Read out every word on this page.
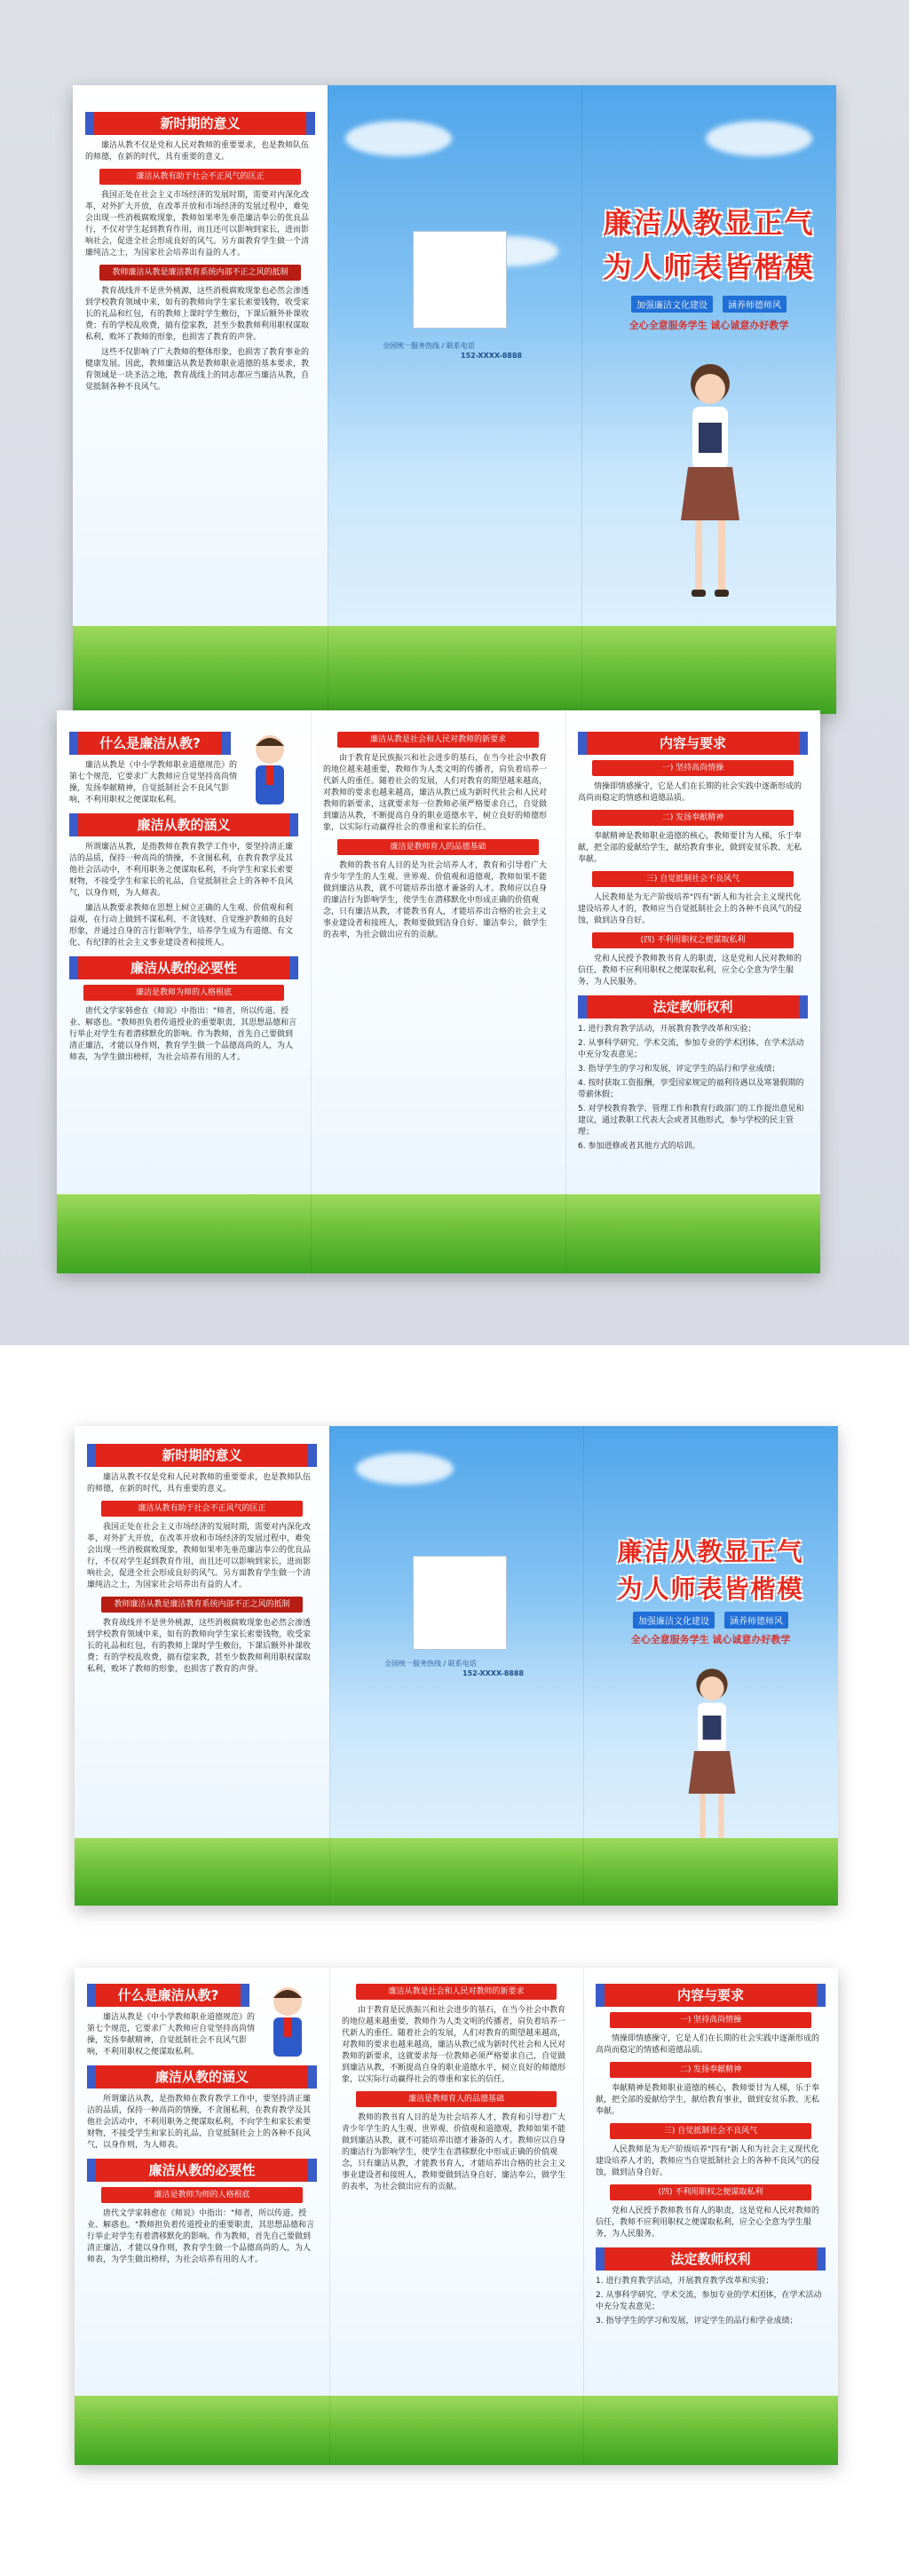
新时期的意义

廉洁从教不仅是党和人民对教师的重要要求，也是教师队伍的师德，在新的时代，具有重要的意义。

廉洁从教有助于社会不正风气的匡正

我国正处在社会主义市场经济的发展时期，需要对内深化改革，对外扩大开放，在改革开放和市场经济的发展过程中，难免会出现一些消极腐败现象，教师如果率先垂范廉洁奉公的优良品行，不仅对学生起到教育作用，而且还可以影响到家长，进而影响社会，促进全社会形成良好的风气。另方面教育学生做一个清廉纯洁之士，为国家社会培养出有益的人才。

教师廉洁从教是廉洁教育系统内部不正之风的抵制

教育战线并不是世外桃源，这些消极腐败现象也必然会渗透到学校教育领域中来，如有的教师向学生家长索要钱物，收受家长的礼品和红包，有的教师上课时学生敷衍，下课后额外补课收费；有的学校乱收费，搞有偿家教，甚至少数教师利用职权谋取私利，败坏了教师的形象，也损害了教育的声誉。

这些不仅影响了广大教师的整体形象，也损害了教育事业的健康发展。因此，教师廉洁从教是教师职业道德的基本要求，教育领域是一块圣洁之地，教育战线上的同志都应当廉洁从教，自觉抵制各种不良风气。

全国统一服务热线 / 联系电话
152-XXXX-8888
廉洁从教显正气
为人师表皆楷模
加强廉洁文化建设 涵养师德师风
全心全意服务学生 诚心诚意办好教学
什么是廉洁从教?

廉洁从教是《中小学教师职业道德规范》的第七个规范，它要求广大教师应自觉坚持高尚情操，发扬奉献精神，自觉抵制社会不良风气影响，不利用职权之便谋取私利。

廉洁从教的涵义

所谓廉洁从教，是指教师在教育教学工作中，要坚持清正廉洁的品质，保持一种高尚的情操，不贪图私利，在教育教学及其他社会活动中，不利用职务之便谋取私利，不向学生和家长索要财物，不接受学生和家长的礼品，自觉抵制社会上的各种不良风气，以身作则，为人师表。

廉洁从教要求教师在思想上树立正确的人生观、价值观和利益观，在行动上做到不谋私利、不贪钱财、自觉维护教师的良好形象，并通过自身的言行影响学生，培养学生成为有道德、有文化、有纪律的社会主义事业建设者和接班人。

廉洁从教的必要性
廉洁是教师为师的人格根底

唐代文学家韩愈在《师说》中指出："师者，所以传道、授业、解惑也。"教师担负着传道授业的重要职责，其思想品德和言行举止对学生有着潜移默化的影响。作为教师，首先自己要做到清正廉洁，才能以身作则，教育学生做一个品德高尚的人，为人师表，为学生做出榜样，为社会培养有用的人才。

廉洁从教是社会和人民对教师的新要求

由于教育是民族振兴和社会进步的基石，在当今社会中教育的地位越来越重要，教师作为人类文明的传播者，肩负着培养一代新人的重任。随着社会的发展，人们对教育的期望越来越高，对教师的要求也越来越高，廉洁从教已成为新时代社会和人民对教师的新要求，这就要求每一位教师必须严格要求自己，自觉做到廉洁从教，不断提高自身的职业道德水平，树立良好的师德形象，以实际行动赢得社会的尊重和家长的信任。

廉洁是教师育人的品德基础

教师的教书育人目的是为社会培养人才，教育和引导着广大青少年学生的人生观、世界观、价值观和道德观，教师如果不能做到廉洁从教，就不可能培养出德才兼备的人才。教师应以自身的廉洁行为影响学生，使学生在潜移默化中形成正确的价值观念，只有廉洁从教，才能教书育人，才能培养出合格的社会主义事业建设者和接班人，教师要做到洁身自好、廉洁奉公，做学生的表率，为社会做出应有的贡献。

内容与要求
一) 坚持高尚情操

情操即情感操守，它是人们在长期的社会实践中逐渐形成的高尚而稳定的情感和道德品质。

二) 发扬奉献精神

奉献精神是教师职业道德的核心，教师要甘为人梯，乐于奉献，把全部的爱献给学生，献给教育事业，做到安贫乐教、无私奉献。

三) 自觉抵制社会不良风气

人民教师是为无产阶级培养"四有"新人和为社会主义现代化建设培养人才的，教师应当自觉抵制社会上的各种不良风气的侵蚀，做到洁身自好。

(四) 不利用职权之便谋取私利

党和人民授予教师教书育人的职责，这是党和人民对教师的信任，教师不应利用职权之便谋取私利，应全心全意为学生服务，为人民服务。

法定教师权利
1. 进行教育教学活动，开展教育教学改革和实验；
2. 从事科学研究、学术交流，参加专业的学术团体，在学术活动中充分发表意见；
3. 指导学生的学习和发展，评定学生的品行和学业成绩；
4. 按时获取工资报酬，享受国家规定的福利待遇以及寒暑假期的带薪休假；
5. 对学校教育教学、管理工作和教育行政部门的工作提出意见和建议，通过教职工代表大会或者其他形式，参与学校的民主管理；
6. 参加进修或者其他方式的培训。
新时期的意义

廉洁从教不仅是党和人民对教师的重要要求，也是教师队伍的师德，在新的时代，具有重要的意义。

廉洁从教有助于社会不正风气的匡正

我国正处在社会主义市场经济的发展时期，需要对内深化改革，对外扩大开放，在改革开放和市场经济的发展过程中，难免会出现一些消极腐败现象，教师如果率先垂范廉洁奉公的优良品行，不仅对学生起到教育作用，而且还可以影响到家长，进而影响社会，促进全社会形成良好的风气。另方面教育学生做一个清廉纯洁之士，为国家社会培养出有益的人才。

教师廉洁从教是廉洁教育系统内部不正之风的抵制

教育战线并不是世外桃源，这些消极腐败现象也必然会渗透到学校教育领域中来，如有的教师向学生家长索要钱物，收受家长的礼品和红包，有的教师上课时学生敷衍，下课后额外补课收费；有的学校乱收费，搞有偿家教，甚至少数教师利用职权谋取私利，败坏了教师的形象，也损害了教育的声誉。

全国统一服务热线 / 联系电话
152-XXXX-8888
廉洁从教显正气
为人师表皆楷模
加强廉洁文化建设 涵养师德师风
全心全意服务学生 诚心诚意办好教学
什么是廉洁从教?

廉洁从教是《中小学教师职业道德规范》的第七个规范，它要求广大教师应自觉坚持高尚情操，发扬奉献精神，自觉抵制社会不良风气影响，不利用职权之便谋取私利。

廉洁从教的涵义

所谓廉洁从教，是指教师在教育教学工作中，要坚持清正廉洁的品质，保持一种高尚的情操，不贪图私利，在教育教学及其他社会活动中，不利用职务之便谋取私利，不向学生和家长索要财物，不接受学生和家长的礼品，自觉抵制社会上的各种不良风气，以身作则，为人师表。

廉洁从教的必要性
廉洁是教师为师的人格根底

唐代文学家韩愈在《师说》中指出："师者，所以传道、授业、解惑也。"教师担负着传道授业的重要职责，其思想品德和言行举止对学生有着潜移默化的影响。作为教师，首先自己要做到清正廉洁，才能以身作则，教育学生做一个品德高尚的人，为人师表，为学生做出榜样，为社会培养有用的人才。

廉洁从教是社会和人民对教师的新要求

由于教育是民族振兴和社会进步的基石，在当今社会中教育的地位越来越重要，教师作为人类文明的传播者，肩负着培养一代新人的重任。随着社会的发展，人们对教育的期望越来越高，对教师的要求也越来越高，廉洁从教已成为新时代社会和人民对教师的新要求，这就要求每一位教师必须严格要求自己，自觉做到廉洁从教，不断提高自身的职业道德水平，树立良好的师德形象，以实际行动赢得社会的尊重和家长的信任。

廉洁是教师育人的品德基础

教师的教书育人目的是为社会培养人才，教育和引导着广大青少年学生的人生观、世界观、价值观和道德观，教师如果不能做到廉洁从教，就不可能培养出德才兼备的人才。教师应以自身的廉洁行为影响学生，使学生在潜移默化中形成正确的价值观念，只有廉洁从教，才能教书育人，才能培养出合格的社会主义事业建设者和接班人，教师要做到洁身自好、廉洁奉公，做学生的表率，为社会做出应有的贡献。

内容与要求
一) 坚持高尚情操

情操即情感操守，它是人们在长期的社会实践中逐渐形成的高尚而稳定的情感和道德品质。

二) 发扬奉献精神

奉献精神是教师职业道德的核心，教师要甘为人梯，乐于奉献，把全部的爱献给学生，献给教育事业，做到安贫乐教、无私奉献。

三) 自觉抵制社会不良风气

人民教师是为无产阶级培养"四有"新人和为社会主义现代化建设培养人才的，教师应当自觉抵制社会上的各种不良风气的侵蚀，做到洁身自好。

(四) 不利用职权之便谋取私利

党和人民授予教师教书育人的职责，这是党和人民对教师的信任，教师不应利用职权之便谋取私利，应全心全意为学生服务，为人民服务。

法定教师权利
1. 进行教育教学活动，开展教育教学改革和实验；
2. 从事科学研究、学术交流，参加专业的学术团体，在学术活动中充分发表意见；
3. 指导学生的学习和发展，评定学生的品行和学业成绩；
